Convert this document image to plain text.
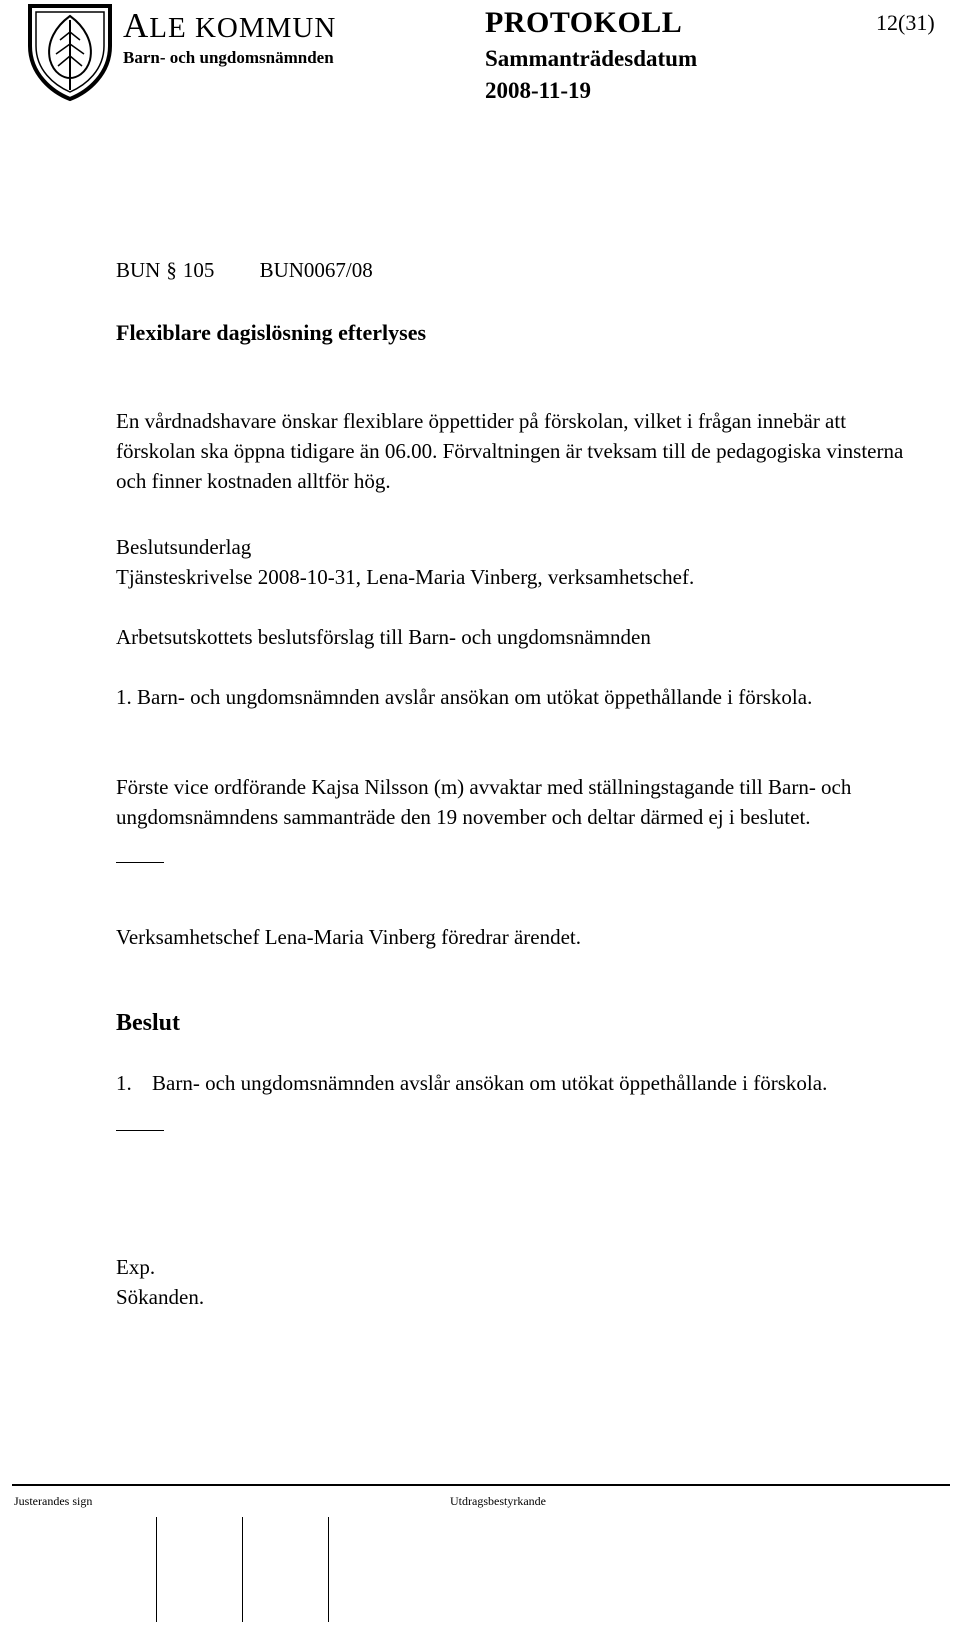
ALE KOMMUN
Barn- och ungdomsnämnden
PROTOKOLL
Sammanträdesdatum
2008-11-19
12(31)
BUN § 105 BUN0067/08
Flexiblare dagislösning efterlyses
En vårdnadshavare önskar flexiblare öppettider på förskolan, vilket i frågan innebär att förskolan ska öppna tidigare än 06.00. Förvaltningen är tveksam till de pedagogiska vinsterna och finner kostnaden alltför hög.
Beslutsunderlag
Tjänsteskrivelse 2008-10-31, Lena-Maria Vinberg, verksamhetschef.
Arbetsutskottets beslutsförslag till Barn- och ungdomsnämnden
1. Barn- och ungdomsnämnden avslår ansökan om utökat öppethållande i förskola.
Förste vice ordförande Kajsa Nilsson (m) avvaktar med ställningstagande till Barn- och ungdomsnämndens sammanträde den 19 november och deltar därmed ej i beslutet.
Verksamhetschef Lena-Maria Vinberg föredrar ärendet.
Beslut
1. Barn- och ungdomsnämnden avslår ansökan om utökat öppethållande i förskola.
Exp.
Sökanden.
Justerandes sign	Utdragsbestyrkande
